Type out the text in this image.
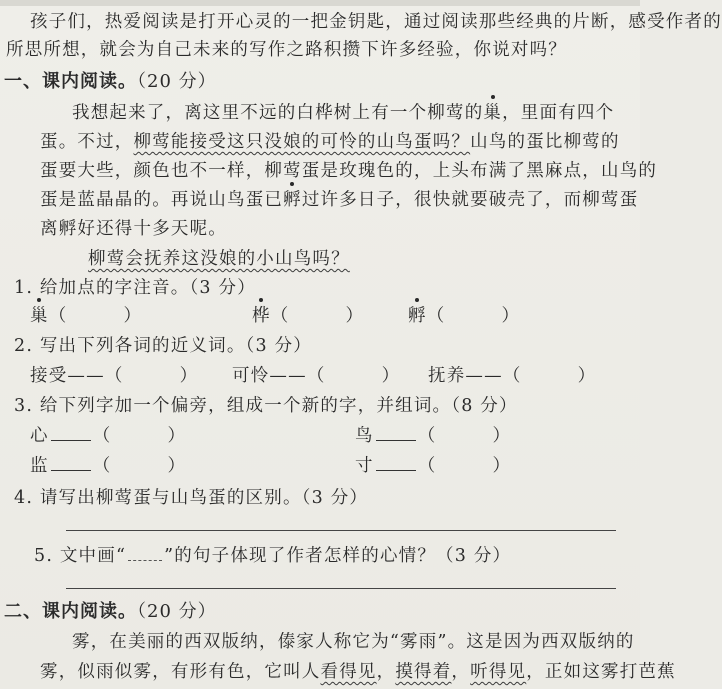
孩子们，热爱阅读是打开心灵的一把金钥匙，通过阅读那些经典的片断，感受作者的
所思所想，就会为自己未来的写作之路积攒下许多经验，你说对吗？
一、课内阅读。（20 分）
我想起来了，离这里不远的白桦树上有一个柳莺的巢，里面有四个
蛋。不过，柳莺能接受这只没娘的可怜的山鸟蛋吗？山鸟的蛋比柳莺的
蛋要大些，颜色也不一样，柳莺蛋是玫瑰色的，上头布满了黑麻点，山鸟的
蛋是蓝晶晶的。再说山鸟蛋已孵过许多日子，很快就要破壳了，而柳莺蛋
离孵好还得十多天呢。
柳莺会抚养这没娘的小山鸟吗？
1. 给加点的字注音。（3 分）
巢（　　　）	桦（　　　）	孵（　　　）
2. 写出下列各词的近义词。（3 分）
接受——（　　　） 可怜——（　　　） 抚养——（　　　）
3. 给下列字加一个偏旁，组成一个新的字，并组词。（8 分）
心	（　　　）	鸟	（　　　）
监	（　　　）	寸	（　　　）
4. 请写出柳莺蛋与山鸟蛋的区别。（3 分）
5. 文中画“ ”的句子体现了作者怎样的心情？（3 分）
二、课内阅读。（20 分）
雾，在美丽的西双版纳，傣家人称它为“雾雨”。这是因为西双版纳的
雾，似雨似雾，有形有色，它叫人看得见，摸得着，听得见，正如这雾打芭蕉
